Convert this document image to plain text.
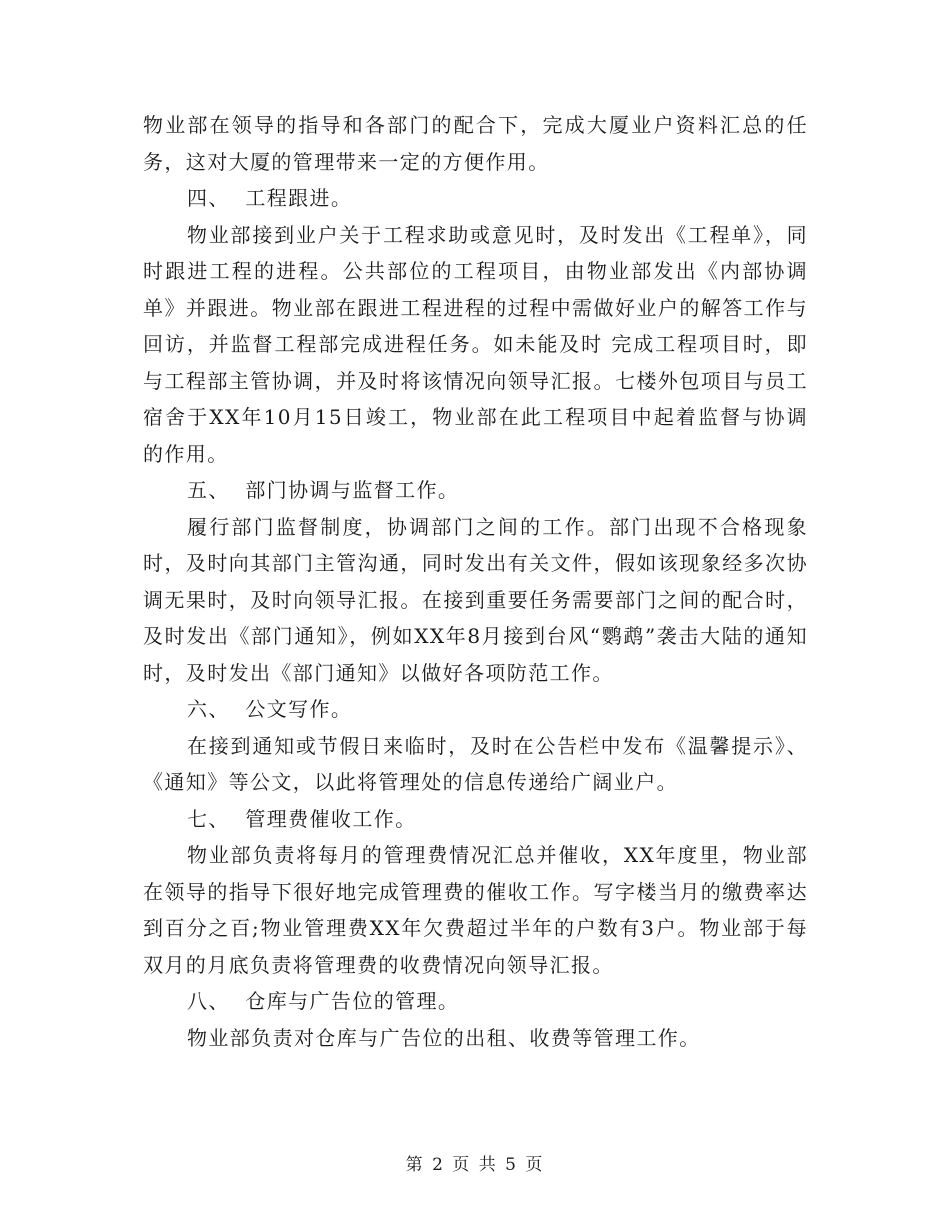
物业部在领导的指导和各部门的配合下，完成大厦业户资料汇总的任务，这对大厦的管理带来一定的方便作用。

四、  工程跟进。

物业部接到业户关于工程求助或意见时，及时发出《工程单》，同时跟进工程的进程。公共部位的工程项目，由物业部发出《内部协调单》并跟进。物业部在跟进工程进程的过程中需做好业户的解答工作与回访，并监督工程部完成进程任务。如未能及时 完成工程项目时，即与工程部主管协调，并及时将该情况向领导汇报。七楼外包项目与员工宿舍于XX年10月15日竣工，物业部在此工程项目中起着监督与协调的作用。

五、  部门协调与监督工作。

履行部门监督制度，协调部门之间的工作。部门出现不合格现象时，及时向其部门主管沟通，同时发出有关文件，假如该现象经多次协调无果时，及时向领导汇报。在接到重要任务需要部门之间的配合时，及时发出《部门通知》，例如XX年8月接到台风“鹦鹉”袭击大陆的通知时，及时发出《部门通知》以做好各项防范工作。

六、  公文写作。

在接到通知或节假日来临时，及时在公告栏中发布《温馨提示》、《通知》等公文，以此将管理处的信息传递给广阔业户。

七、  管理费催收工作。

物业部负责将每月的管理费情况汇总并催收，XX年度里，物业部在领导的指导下很好地完成管理费的催收工作。写字楼当月的缴费率达到百分之百;物业管理费XX年欠费超过半年的户数有3户。物业部于每双月的月底负责将管理费的收费情况向领导汇报。

八、  仓库与广告位的管理。

物业部负责对仓库与广告位的出租、收费等管理工作。

第 2 页 共 5 页
